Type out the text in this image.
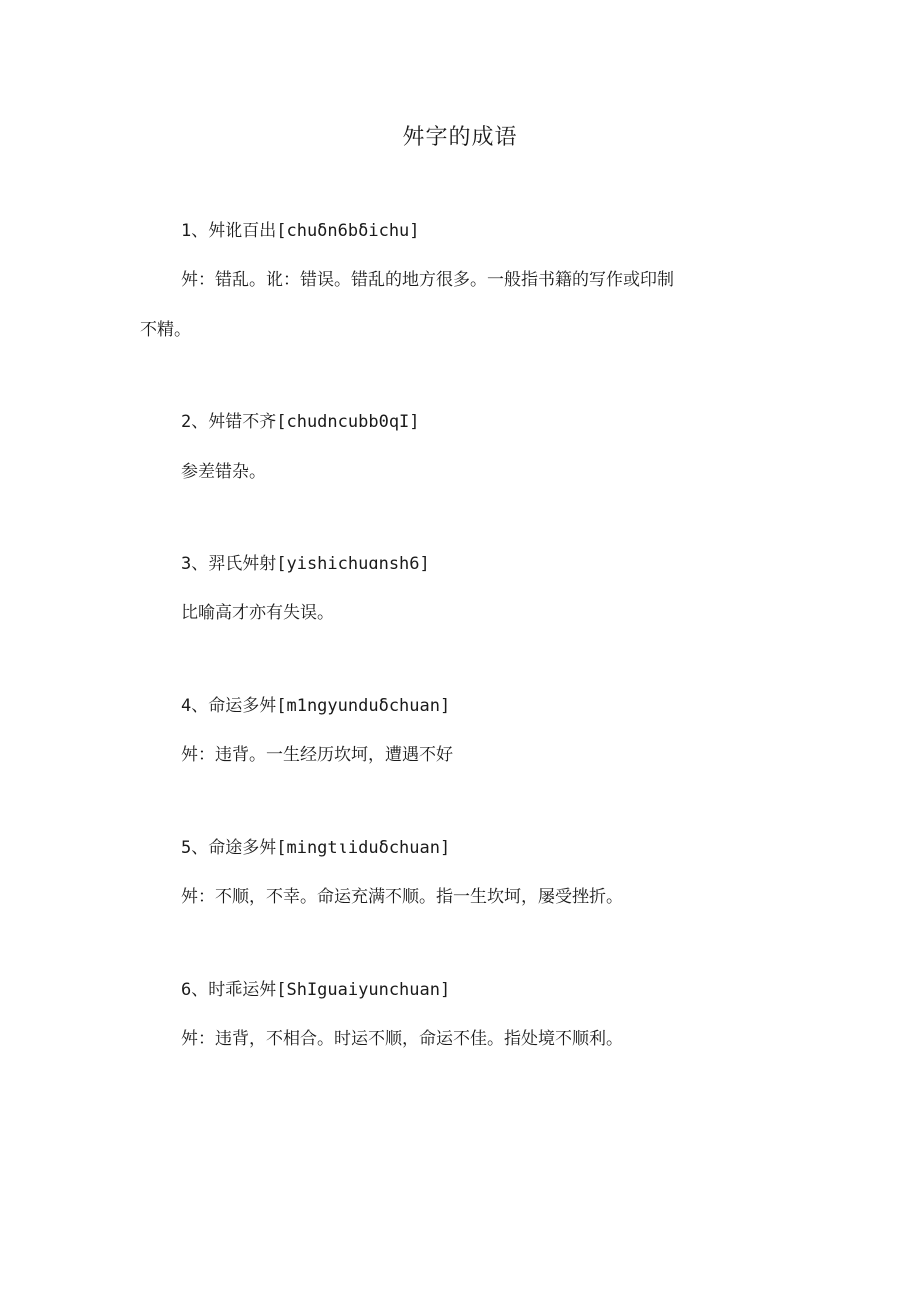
舛字的成语
1、舛讹百出[chuδn6bδichu]
舛：错乱。讹：错误。错乱的地方很多。一般指书籍的写作或印制
不精。
2、舛错不齐[chudncubb0qI]
参差错杂。
3、羿氏舛射[yishichuɑnsh6]
比喻高才亦有失误。
4、命运多舛[m1ngyunduδchuan]
舛：违背。一生经历坎坷，遭遇不好
5、命途多舛[mingtιiduδchuan]
舛：不顺，不幸。命运充满不顺。指一生坎坷，屡受挫折。
6、时乖运舛[ShΙguaiyunchuan]
舛：违背，不相合。时运不顺，命运不佳。指处境不顺利。
